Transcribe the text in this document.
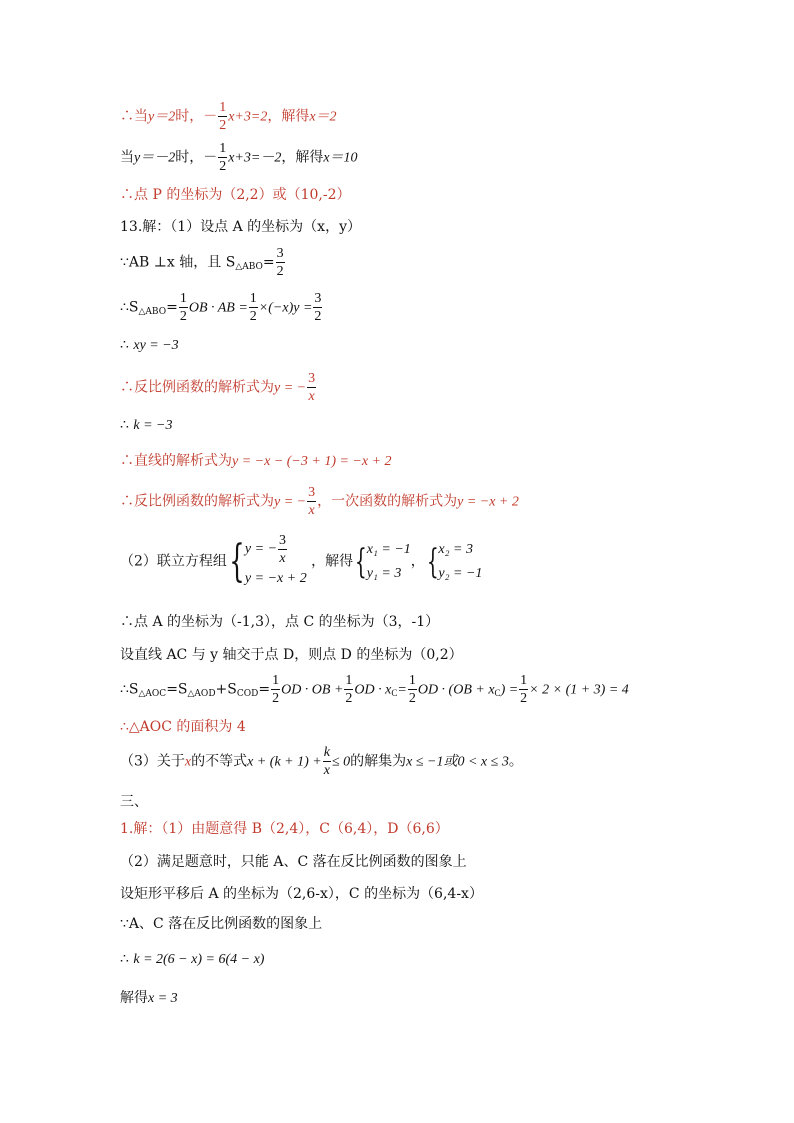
∴当y＝2时，－ $\frac{1}{2} x+3=2$，解得x＝2
当y＝－2时，－ $\frac{1}{2} x+3=-2$，解得x＝10
∴点 P 的坐标为（2,2）或（10,-2）
13.解：（1）设点 A 的坐标为（x，y）
∵AB ⊥x 轴，且 S△ABO= $\frac{3}{2}$
∴S△ABO= $\frac{1}{2}$ OB · AB = $\frac{1}{2} \times(-x)y = \frac{3}{2}$
∴ xy = −3
∴反比例函数的解析式为y = − $\frac{3}{x}$
∴ k = −3
∴直线的解析式为y = −x − (−3 + 1) = −x + 2
∴反比例函数的解析式为y = − $\frac{3}{x}$ ，一次函数的解析式为y = −x + 2
（2）联立方程组{ y = − $\frac{3}{x}$
y = −x + 2
，解得{ x₁ = −1
y₁ = 3
，{ x₂ = 3
y₂ = −1
∴点 A 的坐标为（-1,3），点 C 的坐标为（3，-1）
设直线 AC 与 y 轴交于点 D，则点 D 的坐标为（0,2）
∴S△AOC=S△AOD+SCOD= $\frac{1}{2}$ OD · OB + $\frac{1}{2}$ OD · $xC= \frac{1}{2}$ OD · $(OB + xC) = \frac{1}{2} \times 2 \times (1 + 3) = 4$
∴△AOC 的面积为 4
（3）关于x的不等式$x + (k + 1) + \frac{k}{x} \le 0$的解集为x ≤ −1或0 < x ≤ 3。
三、
1.解：（1）由题意得 B（2,4），C（6,4），D（6,6）
（2）满足题意时，只能 A、C 落在反比例函数的图象上
设矩形平移后 A 的坐标为（2,6-x），C 的坐标为（6,4-x）
∵A、C 落在反比例函数的图象上
∴ k = 2(6 − x) = 6(4 − x)
解得x = 3
